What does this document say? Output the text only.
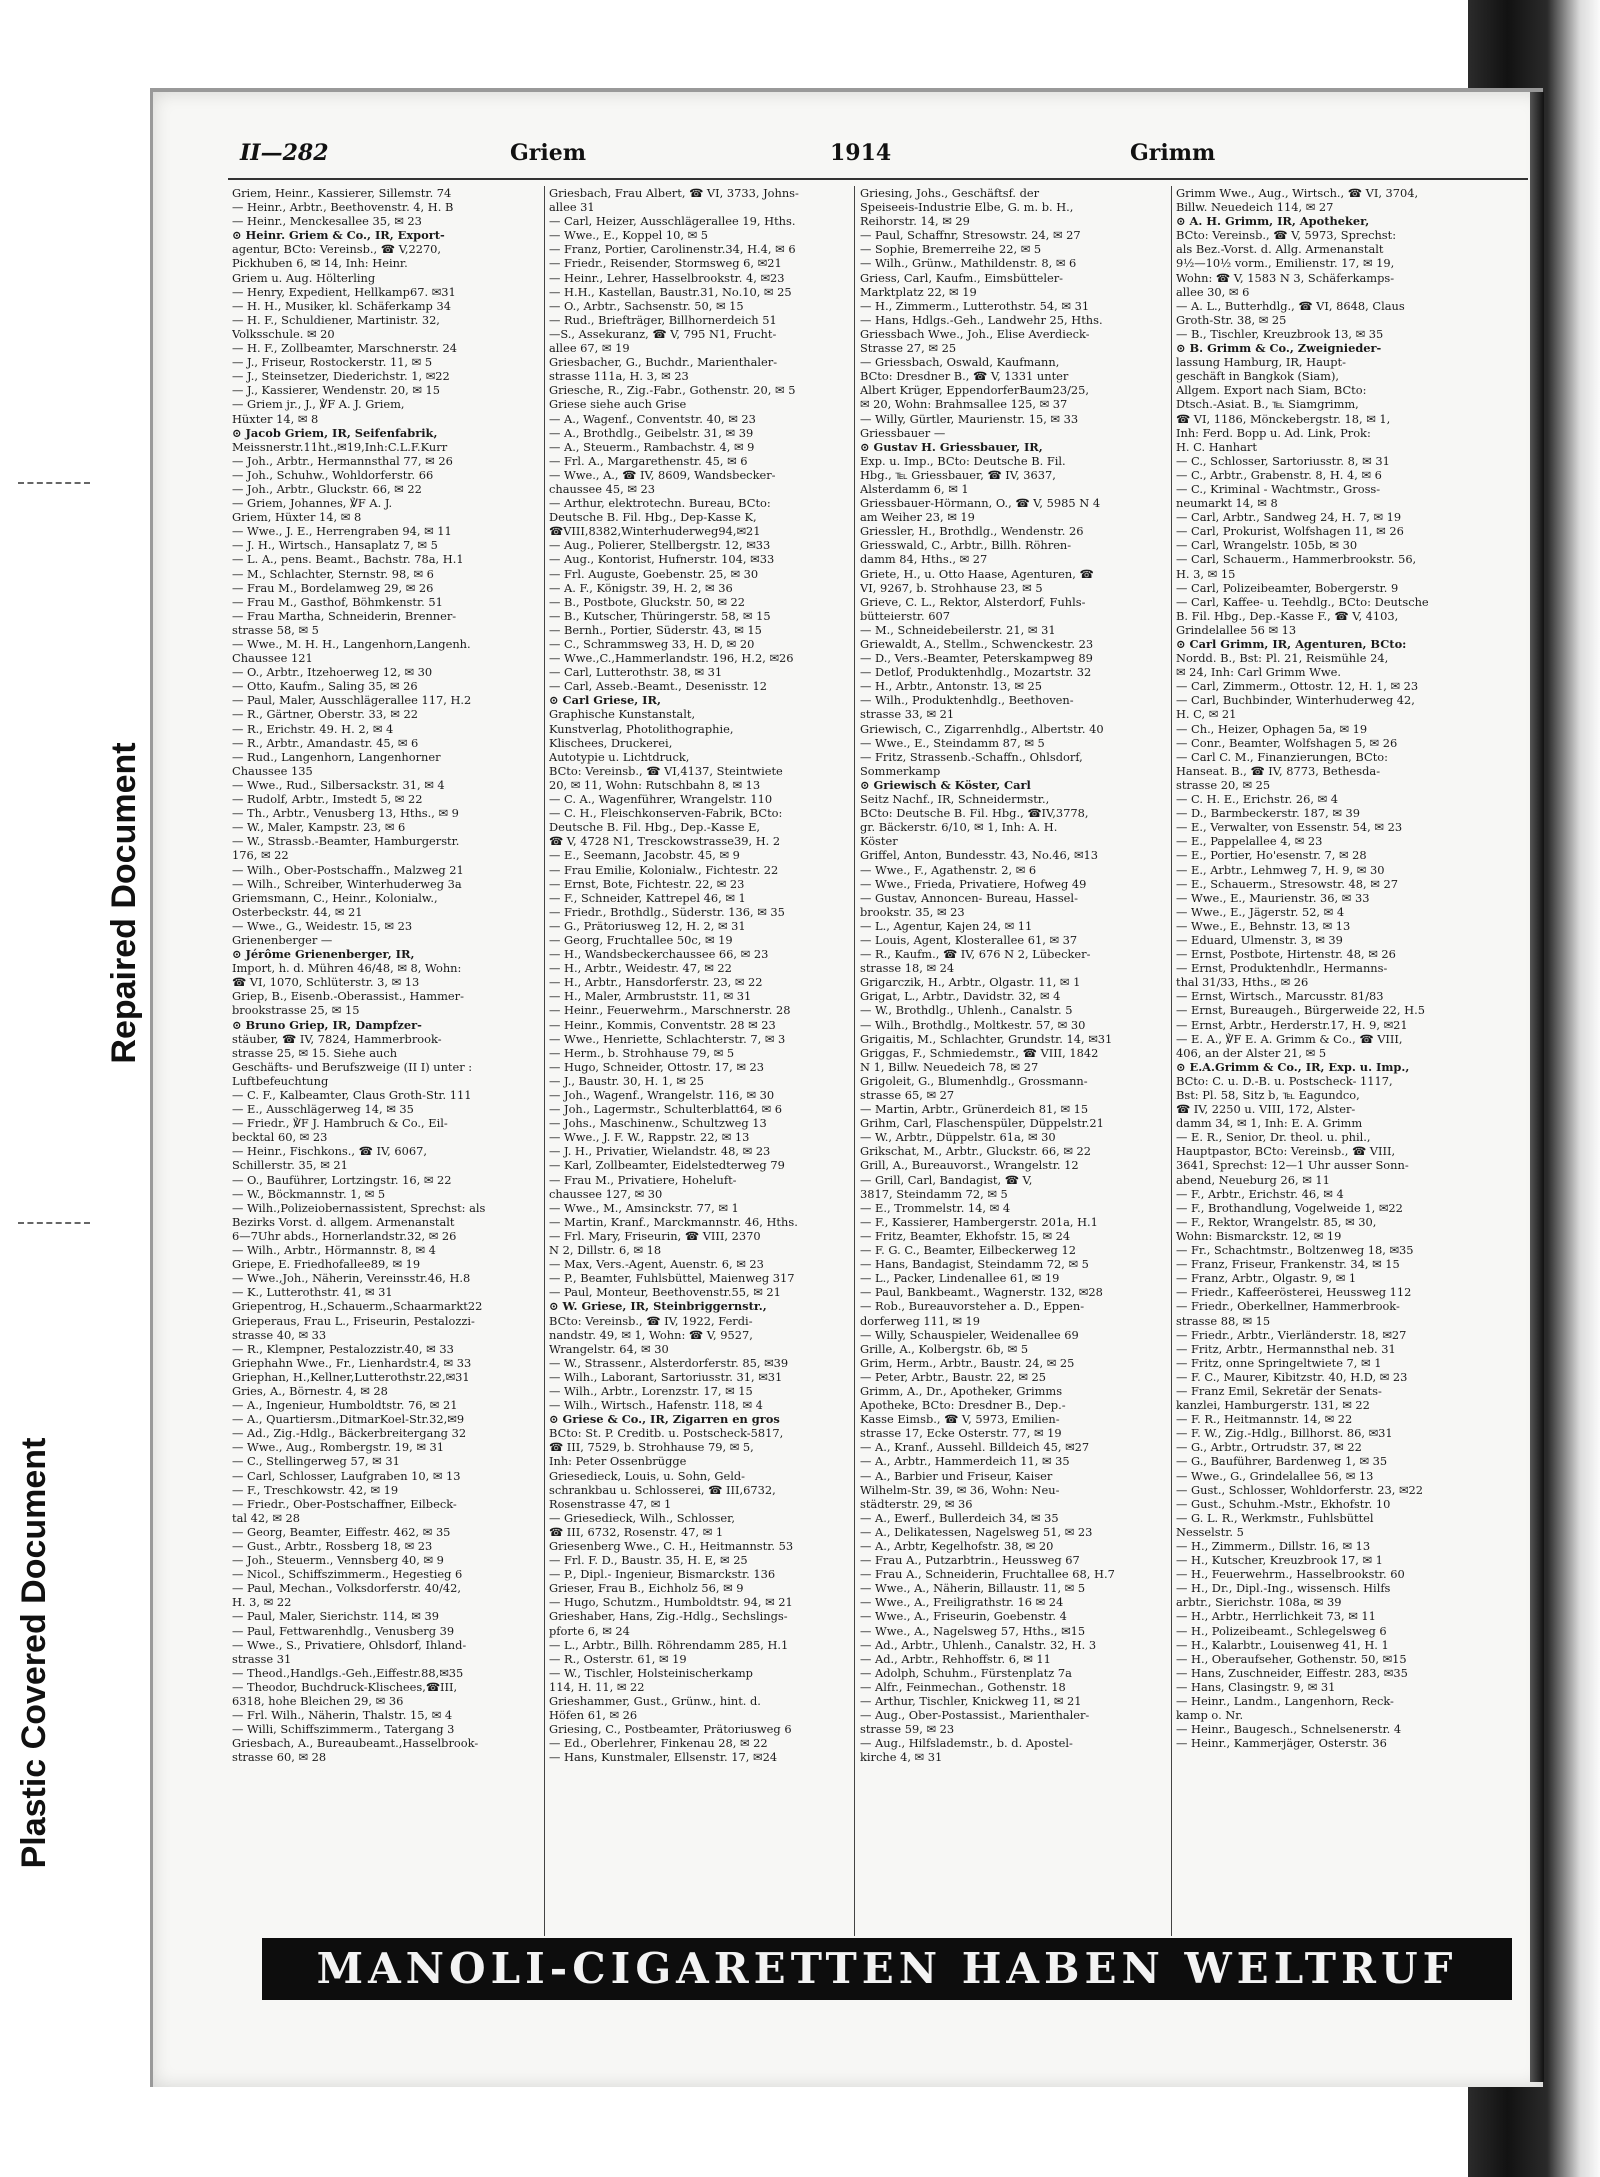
Plastic Covered Document
Repaired Document
II—282	Griem	1914	Grimm
Griem, Heinr., Kassierer, Sillemstr. 74
— Heinr., Arbtr., Beethovenstr. 4, H. B
— Heinr., Menckesallee 35, ✉ 23
⊙ Heinr. Griem & Co., IR, Export-
agentur, BCto: Vereinsb., ☎ V,2270,
Pickhuben 6, ✉ 14, Inh: Heinr.
Griem u. Aug. Hölterling
— Henry, Expedient, Hellkamp67. ✉31
— H. H., Musiker, kl. Schäferkamp 34
— H. F., Schuldiener, Martinistr. 32,
Volksschule. ✉ 20
— H. F., Zollbeamter, Marschnerstr. 24
— J., Friseur, Rostockerstr. 11, ✉ 5
— J., Steinsetzer, Diederichstr. 1, ✉22
— J., Kassierer, Wendenstr. 20, ✉ 15
— Griem jr., J., ℣F A. J. Griem,
Hüxter 14, ✉ 8
⊙ Jacob Griem, IR, Seifenfabrik,
Meissnerstr.11ht.,✉19,Inh:C.L.F.Kurr
— Joh., Arbtr., Hermannsthal 77, ✉ 26
— Joh., Schuhw., Wohldorferstr. 66
— Joh., Arbtr., Gluckstr. 66, ✉ 22
— Griem, Johannes, ℣F A. J.
Griem, Hüxter 14, ✉ 8
— Wwe., J. E., Herrengraben 94, ✉ 11
— J. H., Wirtsch., Hansaplatz 7, ✉ 5
— L. A., pens. Beamt., Bachstr. 78a, H.1
— M., Schlachter, Sternstr. 98, ✉ 6
— Frau M., Bordelamweg 29, ✉ 26
— Frau M., Gasthof, Böhmkenstr. 51
— Frau Martha, Schneiderin, Brenner-
strasse 58, ✉ 5
— Wwe., M. H. H., Langenhorn,Langenh.
Chaussee 121
— O., Arbtr., Itzehoerweg 12, ✉ 30
— Otto, Kaufm., Saling 35, ✉ 26
— Paul, Maler, Ausschlägerallee 117, H.2
— R., Gärtner, Oberstr. 33, ✉ 22
— R., Erichstr. 49. H. 2, ✉ 4
— R., Arbtr., Amandastr. 45, ✉ 6
— Rud., Langenhorn, Langenhorner
Chaussee 135
— Wwe., Rud., Silbersackstr. 31, ✉ 4
— Rudolf, Arbtr., Imstedt 5, ✉ 22
— Th., Arbtr., Venusberg 13, Hths., ✉ 9
— W., Maler, Kampstr. 23, ✉ 6
— W., Strassb.-Beamter, Hamburgerstr.
176, ✉ 22
— Wilh., Ober-Postschaffn., Malzweg 21
— Wilh., Schreiber, Winterhuderweg 3a
Griemsmann, C., Heinr., Kolonialw.,
Osterbeckstr. 44, ✉ 21
— Wwe., G., Weidestr. 15, ✉ 23
Grienenberger —
⊙ Jérôme Grienenberger, IR,
Import, h. d. Mühren 46/48, ✉ 8, Wohn:
☎ VI, 1070, Schlüterstr. 3, ✉ 13
Griep, B., Eisenb.-Oberassist., Hammer-
brookstrasse 25, ✉ 15
⊙ Bruno Griep, IR, Dampfzer-
stäuber, ☎ IV, 7824, Hammerbrook-
strasse 25, ✉ 15. Siehe auch
Geschäfts- und Berufszweige (II I) unter :
Luftbefeuchtung
— C. F., Kalbeamter, Claus Groth-Str. 111
— E., Ausschlägerweg 14, ✉ 35
— Friedr., ℣F J. Hambruch & Co., Eil-
becktal 60, ✉ 23
— Heinr., Fischkons., ☎ IV, 6067,
Schillerstr. 35, ✉ 21
— O., Bauführer, Lortzingstr. 16, ✉ 22
— W., Böckmannstr. 1, ✉ 5
— Wilh.,Polizeiobernassistent, Sprechst: als
Bezirks Vorst. d. allgem. Armenanstalt
6—7Uhr abds., Hornerlandstr.32, ✉ 26
— Wilh., Arbtr., Hörmannstr. 8, ✉ 4
Griepe, E. Friedhofallee89, ✉ 19
— Wwe.,Joh., Näherin, Vereinsstr.46, H.8
— K., Lutterothstr. 41, ✉ 31
Griepentrog, H.,Schauerm.,Schaarmarkt22
Grieperaus, Frau L., Friseurin, Pestalozzi-
strasse 40, ✉ 33
— R., Klempner, Pestalozzistr.40, ✉ 33
Griephahn Wwe., Fr., Lienhardstr.4, ✉ 33
Griephan, H.,Kellner,Lutterothstr.22,✉31
Gries, A., Börnestr. 4, ✉ 28
— A., Ingenieur, Humboldtstr. 76, ✉ 21
— A., Quartiersm.,DitmarKoel-Str.32,✉9
— Ad., Zig.-Hdlg., Bäckerbreitergang 32
— Wwe., Aug., Rombergstr. 19, ✉ 31
— C., Stellingerweg 57, ✉ 31
— Carl, Schlosser, Laufgraben 10, ✉ 13
— F., Treschkowstr. 42, ✉ 19
— Friedr., Ober-Postschaffner, Eilbeck-
tal 42, ✉ 28
— Georg, Beamter, Eiffestr. 462, ✉ 35
— Gust., Arbtr., Rossberg 18, ✉ 23
— Joh., Steuerm., Vennsberg 40, ✉ 9
— Nicol., Schiffszimmerm., Hegestieg 6
— Paul, Mechan., Volksdorferstr. 40/42,
H. 3, ✉ 22
— Paul, Maler, Sierichstr. 114, ✉ 39
— Paul, Fettwarenhdlg., Venusberg 39
— Wwe., S., Privatiere, Ohlsdorf, Ihland-
strasse 31
— Theod.,Handlgs.-Geh.,Eiffestr.88,✉35
— Theodor, Buchdruck-Klischees,☎III,
6318, hohe Bleichen 29, ✉ 36
— Frl. Wilh., Näherin, Thalstr. 15, ✉ 4
— Willi, Schiffszimmerm., Tatergang 3
Griesbach, A., Bureaubeamt.,Hasselbrook-
strasse 60, ✉ 28
Griesbach, Frau Albert, ☎ VI, 3733, Johns-
allee 31
— Carl, Heizer, Ausschlägerallee 19, Hths.
— Wwe., E., Koppel 10, ✉ 5
— Franz, Portier, Carolinenstr.34, H.4, ✉ 6
— Friedr., Reisender, Stormsweg 6, ✉21
— Heinr., Lehrer, Hasselbrookstr. 4, ✉23
— H.H., Kastellan, Baustr.31, No.10, ✉ 25
— O., Arbtr., Sachsenstr. 50, ✉ 15
— Rud., Briefträger, Billhornerdeich 51
—S., Assekuranz, ☎ V, 795 N1, Frucht-
allee 67, ✉ 19
Griesbacher, G., Buchdr., Marienthaler-
strasse 111a, H. 3, ✉ 23
Griesche, R., Zig.-Fabr., Gothenstr. 20, ✉ 5
Griese siehe auch Grise
— A., Wagenf., Conventstr. 40, ✉ 23
— A., Brothdlg., Geibelstr. 31, ✉ 39
— A., Steuerm., Rambachstr. 4, ✉ 9
— Frl. A., Margarethenstr. 45, ✉ 6
— Wwe., A., ☎ IV, 8609, Wandsbecker-
chaussee 45, ✉ 23
— Arthur, elektrotechn. Bureau, BCto:
Deutsche B. Fil. Hbg., Dep-Kasse K,
☎VIII,8382,Winterhuderweg94,✉21
— Aug., Polierer, Stellbergstr. 12, ✉33
— Aug., Kontorist, Hufnerstr. 104, ✉33
— Frl. Auguste, Goebenstr. 25, ✉ 30
— A. F., Königstr. 39, H. 2, ✉ 36
— B., Postbote, Gluckstr. 50, ✉ 22
— B., Kutscher, Thüringerstr. 58, ✉ 15
— Bernh., Portier, Süderstr. 43, ✉ 15
— C., Schrammsweg 33, H. D, ✉ 20
— Wwe.,C.,Hammerlandstr. 196, H.2, ✉26
— Carl, Lutterothstr. 38, ✉ 31
— Carl, Asseb.-Beamt., Desenisstr. 12
⊙ Carl Griese, IR,
Graphische Kunstanstalt,
Kunstverlag, Photolithographie,
Klischees, Druckerei,
Autotypie u. Lichtdruck,
BCto: Vereinsb., ☎ VI,4137, Steintwiete
20, ✉ 11, Wohn: Rutschbahn 8, ✉ 13
— C. A., Wagenführer, Wrangelstr. 110
— C. H., Fleischkonserven-Fabrik, BCto:
Deutsche B. Fil. Hbg., Dep.-Kasse E,
☎ V, 4728 N1, Tresckowstrasse39, H. 2
— E., Seemann, Jacobstr. 45, ✉ 9
— Frau Emilie, Kolonialw., Fichtestr. 22
— Ernst, Bote, Fichtestr. 22, ✉ 23
— F., Schneider, Kattrepel 46, ✉ 1
— Friedr., Brothdlg., Süderstr. 136, ✉ 35
— G., Prätoriusweg 12, H. 2, ✉ 31
— Georg, Fruchtallee 50c, ✉ 19
— H., Wandsbeckerchaussee 66, ✉ 23
— H., Arbtr., Weidestr. 47, ✉ 22
— H., Arbtr., Hansdorferstr. 23, ✉ 22
— H., Maler, Armbruststr. 11, ✉ 31
— Heinr., Feuerwehrm., Marschnerstr. 28
— Heinr., Kommis, Conventstr. 28 ✉ 23
— Wwe., Henriette, Schlachterstr. 7, ✉ 3
— Herm., b. Strohhause 79, ✉ 5
— Hugo, Schneider, Ottostr. 17, ✉ 23
— J., Baustr. 30, H. 1, ✉ 25
— Joh., Wagenf., Wrangelstr. 116, ✉ 30
— Joh., Lagermstr., Schulterblatt64, ✉ 6
— Johs., Maschinenw., Schultzweg 13
— Wwe., J. F. W., Rappstr. 22, ✉ 13
— J. H., Privatier, Wielandstr. 48, ✉ 23
— Karl, Zollbeamter, Eidelstedterweg 79
— Frau M., Privatiere, Hoheluft-
chaussee 127, ✉ 30
— Wwe., M., Amsinckstr. 77, ✉ 1
— Martin, Kranf., Marckmannstr. 46, Hths.
— Frl. Mary, Friseurin, ☎ VIII, 2370
N 2, Dillstr. 6, ✉ 18
— Max, Vers.-Agent, Auenstr. 6, ✉ 23
— P., Beamter, Fuhlsbüttel, Maienweg 317
— Paul, Monteur, Beethovenstr.55, ✉ 21
⊙ W. Griese, IR, Steinbriggernstr.,
BCto: Vereinsb., ☎ IV, 1922, Ferdi-
nandstr. 49, ✉ 1, Wohn: ☎ V, 9527,
Wrangelstr. 64, ✉ 30
— W., Strassenr., Alsterdorferstr. 85, ✉39
— Wilh., Laborant, Sartoriusstr. 31, ✉31
— Wilh., Arbtr., Lorenzstr. 17, ✉ 15
— Wilh., Wirtsch., Hafenstr. 118, ✉ 4
⊙ Griese & Co., IR, Zigarren en gros
BCto: St. P. Creditb. u. Postscheck-5817,
☎ III, 7529, b. Strohhause 79, ✉ 5,
Inh: Peter Ossenbrügge
Griesedieck, Louis, u. Sohn, Geld-
schrankbau u. Schlosserei, ☎ III,6732,
Rosenstrasse 47, ✉ 1
— Griesedieck, Wilh., Schlosser,
☎ III, 6732, Rosenstr. 47, ✉ 1
Griesenberg Wwe., C. H., Heitmannstr. 53
— Frl. F. D., Baustr. 35, H. E, ✉ 25
— P., Dipl.- Ingenieur, Bismarckstr. 136
Grieser, Frau B., Eichholz 56, ✉ 9
— Hugo, Schutzm., Humboldtstr. 94, ✉ 21
Grieshaber, Hans, Zig.-Hdlg., Sechslings-
pforte 6, ✉ 24
— L., Arbtr., Billh. Röhrendamm 285, H.1
— R., Osterstr. 61, ✉ 19
— W., Tischler, Holsteinischerkamp
114, H. 11, ✉ 22
Grieshammer, Gust., Grünw., hint. d.
Höfen 61, ✉ 26
Griesing, C., Postbeamter, Prätoriusweg 6
— Ed., Oberlehrer, Finkenau 28, ✉ 22
— Hans, Kunstmaler, Ellsenstr. 17, ✉24
Griesing, Johs., Geschäftsf. der
Speiseeis-Industrie Elbe, G. m. b. H.,
Reihorstr. 14, ✉ 29
— Paul, Schaffnr, Stresowstr. 24, ✉ 27
— Sophie, Bremerreihe 22, ✉ 5
— Wilh., Grünw., Mathildenstr. 8, ✉ 6
Griess, Carl, Kaufm., Eimsbütteler-
Marktplatz 22, ✉ 19
— H., Zimmerm., Lutterothstr. 54, ✉ 31
— Hans, Hdlgs.-Geh., Landwehr 25, Hths.
Griessbach Wwe., Joh., Elise Averdieck-
Strasse 27, ✉ 25
— Griessbach, Oswald, Kaufmann,
BCto: Dresdner B., ☎ V, 1331 unter
Albert Krüger, EppendorferBaum23/25,
✉ 20, Wohn: Brahmsallee 125, ✉ 37
— Willy, Gürtler, Maurienstr. 15, ✉ 33
Griessbauer —
⊙ Gustav H. Griessbauer, IR,
Exp. u. Imp., BCto: Deutsche B. Fil.
Hbg., ℡ Griessbauer, ☎ IV, 3637,
Alsterdamm 6, ✉ 1
Griessbauer-Hörmann, O., ☎ V, 5985 N 4
am Weiher 23, ✉ 19
Griessler, H., Brothdlg., Wendenstr. 26
Griesswald, C., Arbtr., Billh. Röhren-
damm 84, Hths., ✉ 27
Griete, H., u. Otto Haase, Agenturen, ☎
VI, 9267, b. Strohhause 23, ✉ 5
Grieve, C. L., Rektor, Alsterdorf, Fuhls-
bütteierstr. 607
— M., Schneidebeilerstr. 21, ✉ 31
Griewaldt, A., Stellm., Schwenckestr. 23
— D., Vers.-Beamter, Peterskampweg 89
— Detlof, Produktenhdlg., Mozartstr. 32
— H., Arbtr., Antonstr. 13, ✉ 25
— Wilh., Produktenhdlg., Beethoven-
strasse 33, ✉ 21
Griewisch, C., Zigarrenhdlg., Albertstr. 40
— Wwe., E., Steindamm 87, ✉ 5
— Fritz, Strassenb.-Schaffn., Ohlsdorf,
Sommerkamp
⊙ Griewisch & Köster, Carl
Seitz Nachf., IR, Schneidermstr.,
BCto: Deutsche B. Fil. Hbg., ☎IV,3778,
gr. Bäckerstr. 6/10, ✉ 1, Inh: A. H.
Köster
Griffel, Anton, Bundesstr. 43, No.46, ✉13
— Wwe., F., Agathenstr. 2, ✉ 6
— Wwe., Frieda, Privatiere, Hofweg 49
— Gustav, Annoncen- Bureau, Hassel-
brookstr. 35, ✉ 23
— L., Agentur, Kajen 24, ✉ 11
— Louis, Agent, Klosterallee 61, ✉ 37
— R., Kaufm., ☎ IV, 676 N 2, Lübecker-
strasse 18, ✉ 24
Grigarczik, H., Arbtr., Olgastr. 11, ✉ 1
Grigat, L., Arbtr., Davidstr. 32, ✉ 4
— W., Brothdlg., Uhlenh., Canalstr. 5
— Wilh., Brothdlg., Moltkestr. 57, ✉ 30
Grigaitis, M., Schlachter, Grundstr. 14, ✉31
Griggas, F., Schmiedemstr., ☎ VIII, 1842
N 1, Billw. Neuedeich 78, ✉ 27
Grigoleit, G., Blumenhdlg., Grossmann-
strasse 65, ✉ 27
— Martin, Arbtr., Grünerdeich 81, ✉ 15
Grihm, Carl, Flaschenspüler, Düppelstr.21
— W., Arbtr., Düppelstr. 61a, ✉ 30
Grikschat, M., Arbtr., Gluckstr. 66, ✉ 22
Grill, A., Bureauvorst., Wrangelstr. 12
— Grill, Carl, Bandagist, ☎ V,
3817, Steindamm 72, ✉ 5
— E., Trommelstr. 14, ✉ 4
— F., Kassierer, Hambergerstr. 201a, H.1
— Fritz, Beamter, Ekhofstr. 15, ✉ 24
— F. G. C., Beamter, Eilbeckerweg 12
— Hans, Bandagist, Steindamm 72, ✉ 5
— L., Packer, Lindenallee 61, ✉ 19
— Paul, Bankbeamt., Wagnerstr. 132, ✉28
— Rob., Bureauvorsteher a. D., Eppen-
dorferweg 111, ✉ 19
— Willy, Schauspieler, Weidenallee 69
Grille, A., Kolbergstr. 6b, ✉ 5
Grim, Herm., Arbtr., Baustr. 24, ✉ 25
— Peter, Arbtr., Baustr. 22, ✉ 25
Grimm, A., Dr., Apotheker, Grimms
Apotheke, BCto: Dresdner B., Dep.-
Kasse Eimsb., ☎ V, 5973, Emilien-
strasse 17, Ecke Osterstr. 77, ✉ 19
— A., Kranf., Aussehl. Billdeich 45, ✉27
— A., Arbtr., Hammerdeich 11, ✉ 35
— A., Barbier und Friseur, Kaiser
Wilhelm-Str. 39, ✉ 36, Wohn: Neu-
städterstr. 29, ✉ 36
— A., Ewerf., Bullerdeich 34, ✉ 35
— A., Delikatessen, Nagelsweg 51, ✉ 23
— A., Arbtr, Kegelhofstr. 38, ✉ 20
— Frau A., Putzarbtrin., Heussweg 67
— Frau A., Schneiderin, Fruchtallee 68, H.7
— Wwe., A., Näherin, Billaustr. 11, ✉ 5
— Wwe., A., Freiligrathstr. 16 ✉ 24
— Wwe., A., Friseurin, Goebenstr. 4
— Wwe., A., Nagelsweg 57, Hths., ✉15
— Ad., Arbtr., Uhlenh., Canalstr. 32, H. 3
— Ad., Arbtr., Rehhoffstr. 6, ✉ 11
— Adolph, Schuhm., Fürstenplatz 7a
— Alfr., Feinmechan., Gothenstr. 18
— Arthur, Tischler, Knickweg 11, ✉ 21
— Aug., Ober-Postassist., Marienthaler-
strasse 59, ✉ 23
— Aug., Hilfslademstr., b. d. Apostel-
kirche 4, ✉ 31
Grimm Wwe., Aug., Wirtsch., ☎ VI, 3704,
Billw. Neuedeich 114, ✉ 27
⊙ A. H. Grimm, IR, Apotheker,
BCto: Vereinsb., ☎ V, 5973, Sprechst:
als Bez.-Vorst. d. Allg. Armenanstalt
9½—10½ vorm., Emilienstr. 17, ✉ 19,
Wohn: ☎ V, 1583 N 3, Schäferkamps-
allee 30, ✉ 6
— A. L., Butterhdlg., ☎ VI, 8648, Claus
Groth-Str. 38, ✉ 25
— B., Tischler, Kreuzbrook 13, ✉ 35
⊙ B. Grimm & Co., Zweignieder-
lassung Hamburg, IR, Haupt-
geschäft in Bangkok (Siam),
Allgem. Export nach Siam, BCto:
Dtsch.-Asiat. B., ℡ Siamgrimm,
☎ VI, 1186, Mönckebergstr. 18, ✉ 1,
Inh: Ferd. Bopp u. Ad. Link, Prok:
H. C. Hanhart
— C., Schlosser, Sartoriusstr. 8, ✉ 31
— C., Arbtr., Grabenstr. 8, H. 4, ✉ 6
— C., Kriminal - Wachtmstr., Gross-
neumarkt 14, ✉ 8
— Carl, Arbtr., Sandweg 24, H. 7, ✉ 19
— Carl, Prokurist, Wolfshagen 11, ✉ 26
— Carl, Wrangelstr. 105b, ✉ 30
— Carl, Schauerm., Hammerbrookstr. 56,
H. 3, ✉ 15
— Carl, Polizeibeamter, Bobergerstr. 9
— Carl, Kaffee- u. Teehdlg., BCto: Deutsche
B. Fil. Hbg., Dep.-Kasse F., ☎ V, 4103,
Grindelallee 56 ✉ 13
⊙ Carl Grimm, IR, Agenturen, BCto:
Nordd. B., Bst: Pl. 21, Reismühle 24,
✉ 24, Inh: Carl Grimm Wwe.
— Carl, Zimmerm., Ottostr. 12, H. 1, ✉ 23
— Carl, Buchbinder, Winterhuderweg 42,
H. C, ✉ 21
— Ch., Heizer, Ophagen 5a, ✉ 19
— Conr., Beamter, Wolfshagen 5, ✉ 26
— Carl C. M., Finanzierungen, BCto:
Hanseat. B., ☎ IV, 8773, Bethesda-
strasse 20, ✉ 25
— C. H. E., Erichstr. 26, ✉ 4
— D., Barmbeckerstr. 187, ✉ 39
— E., Verwalter, von Essenstr. 54, ✉ 23
— E., Pappelallee 4, ✉ 23
— E., Portier, Ho'esenstr. 7, ✉ 28
— E., Arbtr., Lehmweg 7, H. 9, ✉ 30
— E., Schauerm., Stresowstr. 48, ✉ 27
— Wwe., E., Maurienstr. 36, ✉ 33
— Wwe., E., Jägerstr. 52, ✉ 4
— Wwe., E., Behnstr. 13, ✉ 13
— Eduard, Ulmenstr. 3, ✉ 39
— Ernst, Postbote, Hirtenstr. 48, ✉ 26
— Ernst, Produktenhdlr., Hermanns-
thal 31/33, Hths., ✉ 26
— Ernst, Wirtsch., Marcusstr. 81/83
— Ernst, Bureaugeh., Bürgerweide 22, H.5
— Ernst, Arbtr., Herderstr.17, H. 9, ✉21
— E. A., ℣F E. A. Grimm & Co., ☎ VIII,
406, an der Alster 21, ✉ 5
⊙ E.A.Grimm & Co., IR, Exp. u. Imp.,
BCto: C. u. D.-B. u. Postscheck- 1117,
Bst: Pl. 58, Sitz b, ℡ Eagundco,
☎ IV, 2250 u. VIII, 172, Alster-
damm 34, ✉ 1, Inh: E. A. Grimm
— E. R., Senior, Dr. theol. u. phil.,
Hauptpastor, BCto: Vereinsb., ☎ VIII,
3641, Sprechst: 12—1 Uhr ausser Sonn-
abend, Neueburg 26, ✉ 11
— F., Arbtr., Erichstr. 46, ✉ 4
— F., Brothandlung, Vogelweide 1, ✉22
— F., Rektor, Wrangelstr. 85, ✉ 30,
Wohn: Bismarckstr. 12, ✉ 19
— Fr., Schachtmstr., Boltzenweg 18, ✉35
— Franz, Friseur, Frankenstr. 34, ✉ 15
— Franz, Arbtr., Olgastr. 9, ✉ 1
— Friedr., Kaffeerösterei, Heussweg 112
— Friedr., Oberkellner, Hammerbrook-
strasse 88, ✉ 15
— Friedr., Arbtr., Vierländerstr. 18, ✉27
— Fritz, Arbtr., Hermannsthal neb. 31
— Fritz, onne Springeltwiete 7, ✉ 1
— F. C., Maurer, Kibitzstr. 40, H.D, ✉ 23
— Franz Emil, Sekretär der Senats-
kanzlei, Hamburgerstr. 131, ✉ 22
— F. R., Heitmannstr. 14, ✉ 22
— F. W., Zig.-Hdlg., Billhorst. 86, ✉31
— G., Arbtr., Ortrudstr. 37, ✉ 22
— G., Bauführer, Bardenweg 1, ✉ 35
— Wwe., G., Grindelallee 56, ✉ 13
— Gust., Schlosser, Wohldorferstr. 23, ✉22
— Gust., Schuhm.-Mstr., Ekhofstr. 10
— G. L. R., Werkmstr., Fuhlsbüttel
Nesselstr. 5
— H., Zimmerm., Dillstr. 16, ✉ 13
— H., Kutscher, Kreuzbrook 17, ✉ 1
— H., Feuerwehrm., Hasselbrookstr. 60
— H., Dr., Dipl.-Ing., wissensch. Hilfs
arbtr., Sierichstr. 108a, ✉ 39
— H., Arbtr., Herrlichkeit 73, ✉ 11
— H., Polizeibeamt., Schlegelsweg 6
— H., Kalarbtr., Louisenweg 41, H. 1
— H., Oberaufseher, Gothenstr. 50, ✉15
— Hans, Zuschneider, Eiffestr. 283, ✉35
— Hans, Clasingstr. 9, ✉ 31
— Heinr., Landm., Langenhorn, Reck-
kamp o. Nr.
— Heinr., Baugesch., Schnelsenerstr. 4
— Heinr., Kammerjäger, Osterstr. 36
MANOLI-CIGARETTEN HABEN WELTRUF
